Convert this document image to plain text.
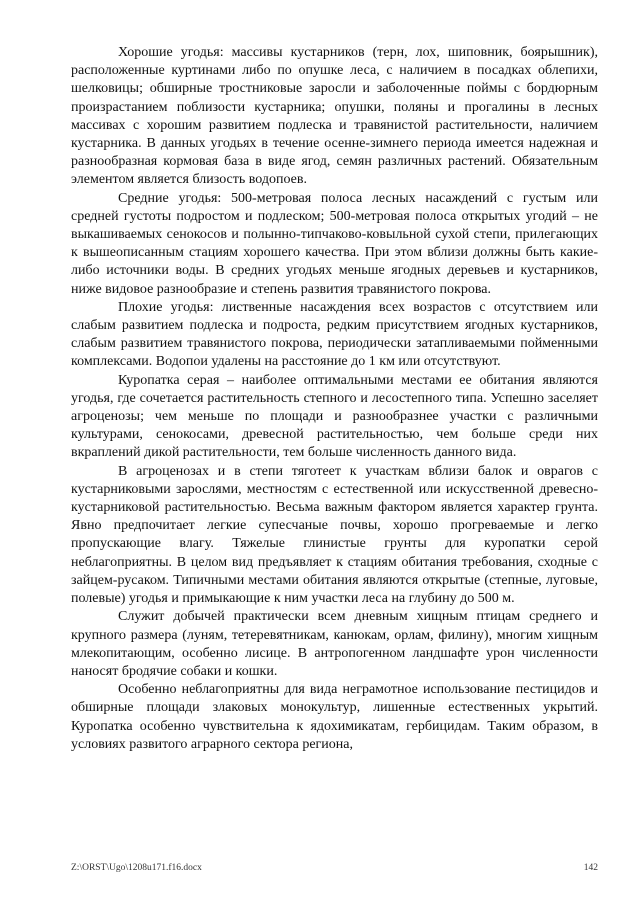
Хорошие угодья: массивы кустарников (терн, лох, шиповник, боярышник), расположенные куртинами либо по опушке леса, с наличием в посадках облепихи, шелковицы; обширные тростниковые заросли и заболоченные поймы с бордюрным произрастанием поблизости кустарника; опушки, поляны и прогалины в лесных массивах с хорошим развитием подлеска и травянистой растительности, наличием кустарника. В данных угодьях в течение осенне-зимнего периода имеется надежная и разнообразная кормовая база в виде ягод, семян различных растений. Обязательным элементом является близость водопоев.

Средние угодья: 500-метровая полоса лесных насаждений с густым или средней густоты подростом и подлеском; 500-метровая полоса открытых угодий – не выкашиваемых сенокосов и полынно-типчаково-ковыльной сухой степи, прилегающих к вышеописанным стациям хорошего качества. При этом вблизи должны быть какие-либо источники воды. В средних угодьях меньше ягодных деревьев и кустарников, ниже видовое разнообразие и степень развития травянистого покрова.

Плохие угодья: лиственные насаждения всех возрастов с отсутствием или слабым развитием подлеска и подроста, редким присутствием ягодных кустарников, слабым развитием травянистого покрова, периодически затапливаемыми пойменными комплексами. Водопои удалены на расстояние до 1 км или отсутствуют.

Куропатка серая – наиболее оптимальными местами ее обитания являются угодья, где сочетается растительность степного и лесостепного типа. Успешно заселяет агроценозы; чем меньше по площади и разнообразнее участки с различными культурами, сенокосами, древесной растительностью, чем больше среди них вкраплений дикой растительности, тем больше численность данного вида.

В агроценозах и в степи тяготеет к участкам вблизи балок и оврагов с кустарниковыми зарослями, местностям с естественной или искусственной древесно-кустарниковой растительностью. Весьма важным фактором является характер грунта. Явно предпочитает легкие супесчаные почвы, хорошо прогреваемые и легко пропускающие влагу. Тяжелые глинистые грунты для куропатки серой неблагоприятны. В целом вид предъявляет к стациям обитания требования, сходные с зайцем-русаком. Типичными местами обитания являются открытые (степные, луговые, полевые) угодья и примыкающие к ним участки леса на глубину до 500 м.

Служит добычей практически всем дневным хищным птицам среднего и крупного размера (луням, тетеревятникам, канюкам, орлам, филину), многим хищным млекопитающим, особенно лисице. В антропогенном ландшафте урон численности наносят бродячие собаки и кошки.

Особенно неблагоприятны для вида неграмотное использование пестицидов и обширные площади злаковых монокультур, лишенные естественных укрытий. Куропатка особенно чувствительна к ядохимикатам, гербицидам. Таким образом, в условиях развитого аграрного сектора региона,

Z:\ORST\Ugo\1208u171.f16.docx	142
